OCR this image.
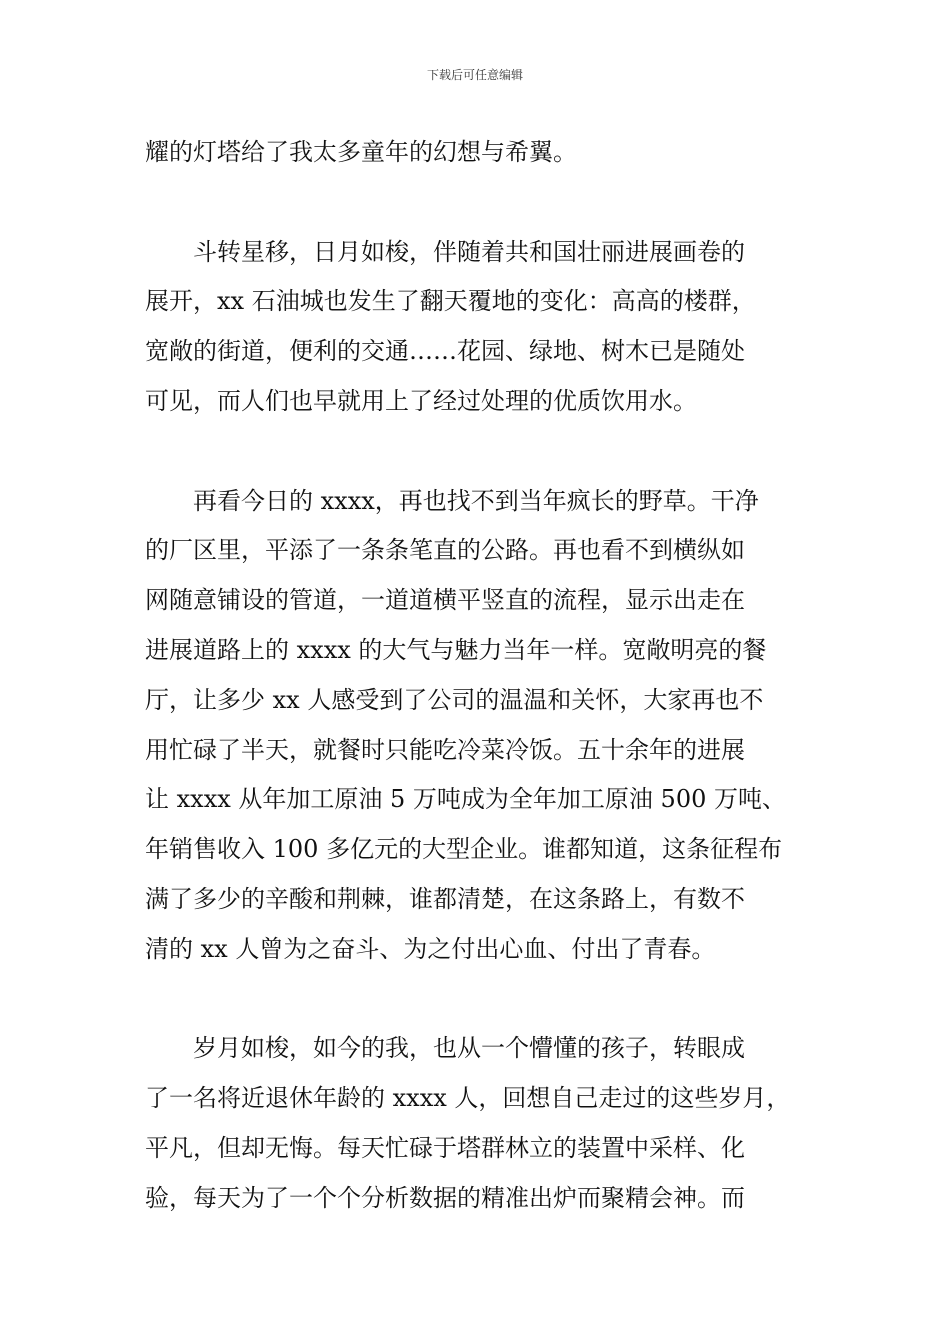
下载后可任意编辑
耀的灯塔给了我太多童年的幻想与希翼。
斗转星移，日月如梭，伴随着共和国壮丽进展画卷的
展开，xx 石油城也发生了翻天覆地的变化：高高的楼群，
宽敞的街道，便利的交通……花园、绿地、树木已是随处
可见，而人们也早就用上了经过处理的优质饮用水。
再看今日的 xxxx，再也找不到当年疯长的野草。干净
的厂区里，平添了一条条笔直的公路。再也看不到横纵如
网随意铺设的管道，一道道横平竖直的流程，显示出走在
进展道路上的 xxxx 的大气与魅力当年一样。宽敞明亮的餐
厅，让多少 xx 人感受到了公司的温温和关怀，大家再也不
用忙碌了半天，就餐时只能吃冷菜冷饭。五十余年的进展
让 xxxx 从年加工原油 5 万吨成为全年加工原油 500 万吨、
年销售收入 100 多亿元的大型企业。谁都知道，这条征程布
满了多少的辛酸和荆棘，谁都清楚，在这条路上，有数不
清的 xx 人曾为之奋斗、为之付出心血、付出了青春。
岁月如梭，如今的我，也从一个懵懂的孩子，转眼成
了一名将近退休年龄的 xxxx 人，回想自己走过的这些岁月，
平凡，但却无悔。每天忙碌于塔群林立的装置中采样、化
验，每天为了一个个分析数据的精准出炉而聚精会神。而
